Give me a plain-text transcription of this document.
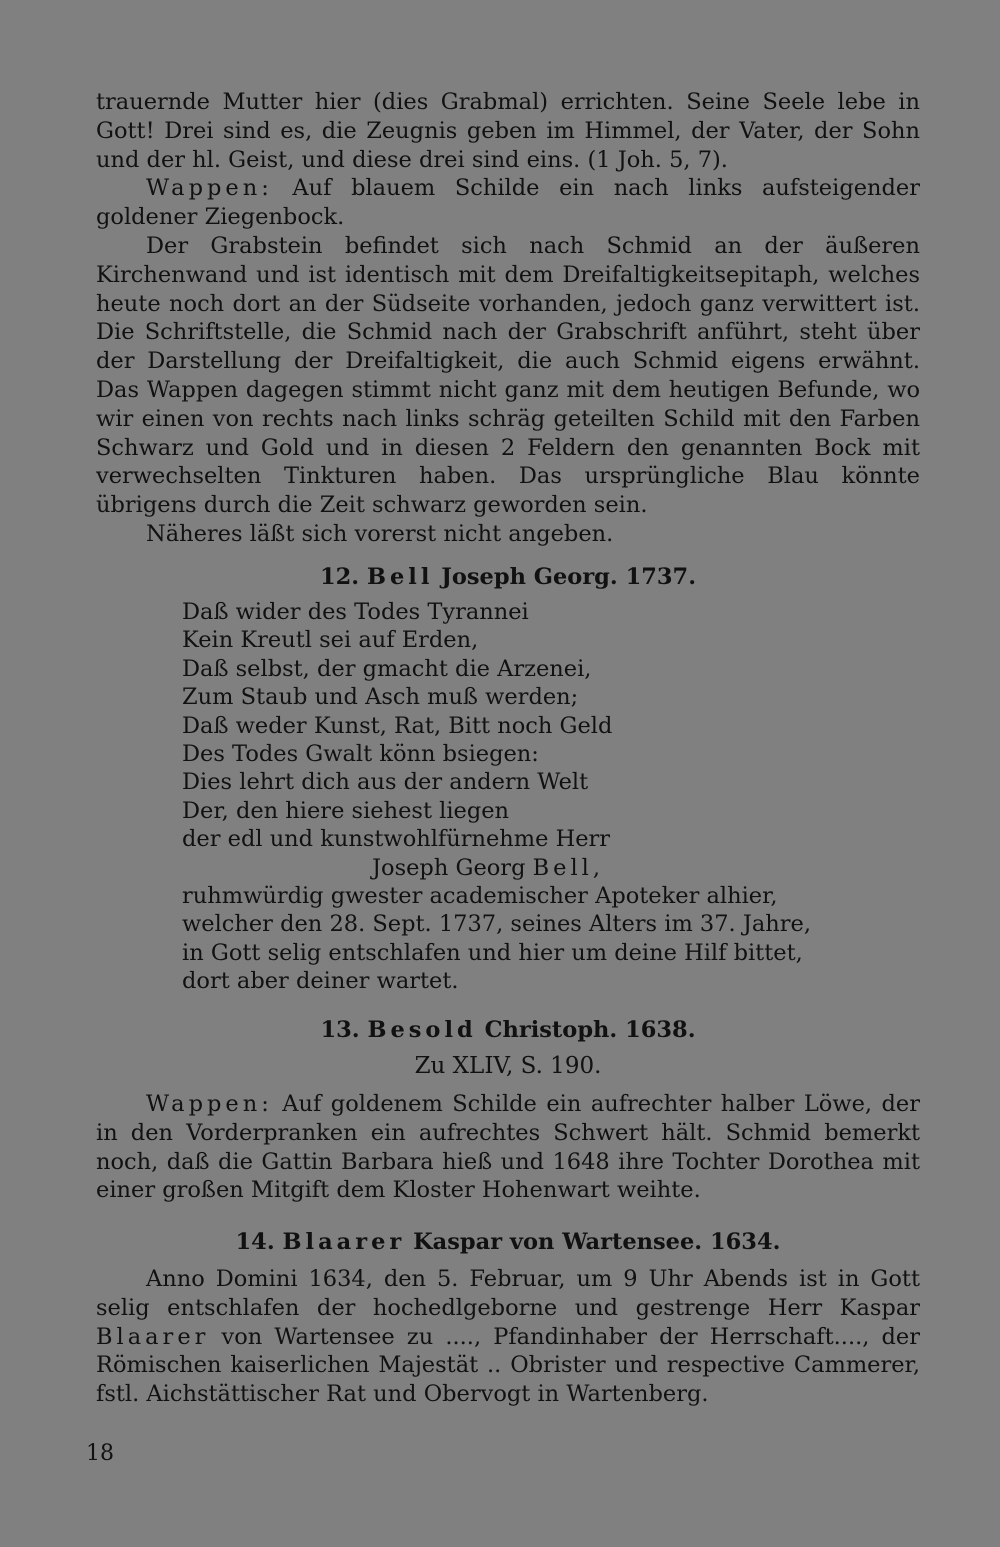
trauernde Mutter hier (dies Grabmal) errichten. Seine Seele lebe in Gott! Drei sind es, die Zeugnis geben im Himmel, der Vater, der Sohn und der hl. Geist, und diese drei sind eins. (1 Joh. 5, 7).

Wappen: Auf blauem Schilde ein nach links aufsteigender goldener Ziegenbock.

Der Grabstein befindet sich nach Schmid an der äußeren Kirchenwand und ist identisch mit dem Dreifaltigkeitsepitaph, welches heute noch dort an der Südseite vorhanden, jedoch ganz verwittert ist. Die Schriftstelle, die Schmid nach der Grabschrift anführt, steht über der Darstellung der Dreifaltigkeit, die auch Schmid eigens erwähnt. Das Wappen dagegen stimmt nicht ganz mit dem heutigen Befunde, wo wir einen von rechts nach links schräg geteilten Schild mit den Farben Schwarz und Gold und in diesen 2 Feldern den genannten Bock mit verwechselten Tinkturen haben. Das ursprüngliche Blau könnte übrigens durch die Zeit schwarz geworden sein.

Näheres läßt sich vorerst nicht angeben.

12. Bell Joseph Georg. 1737.
Daß wider des Todes Tyrannei
Kein Kreutl sei auf Erden,
Daß selbst, der gmacht die Arzenei,
Zum Staub und Asch muß werden;
Daß weder Kunst, Rat, Bitt noch Geld
Des Todes Gwalt könn bsiegen:
Dies lehrt dich aus der andern Welt
Der, den hiere siehest liegen
der edl und kunstwohlfürnehme Herr
Joseph Georg Bell,
ruhmwürdig gwester academischer Apoteker alhier,
welcher den 28. Sept. 1737, seines Alters im 37. Jahre,
in Gott selig entschlafen und hier um deine Hilf bittet,
dort aber deiner wartet.
13. Besold Christoph. 1638.
Zu XLIV, S. 190.

Wappen: Auf goldenem Schilde ein aufrechter halber Löwe, der in den Vorderpranken ein aufrechtes Schwert hält. Schmid bemerkt noch, daß die Gattin Barbara hieß und 1648 ihre Tochter Dorothea mit einer großen Mitgift dem Kloster Hohenwart weihte.

14. Blaarer Kaspar von Wartensee. 1634.

Anno Domini 1634, den 5. Februar, um 9 Uhr Abends ist in Gott selig entschlafen der hochedlgeborne und gestrenge Herr Kaspar Blaarer von Wartensee zu ...., Pfandinhaber der Herrschaft...., der Römischen kaiserlichen Majestät .. Obrister und respective Cammerer, fstl. Aichstättischer Rat und Obervogt in Wartenberg.

18
